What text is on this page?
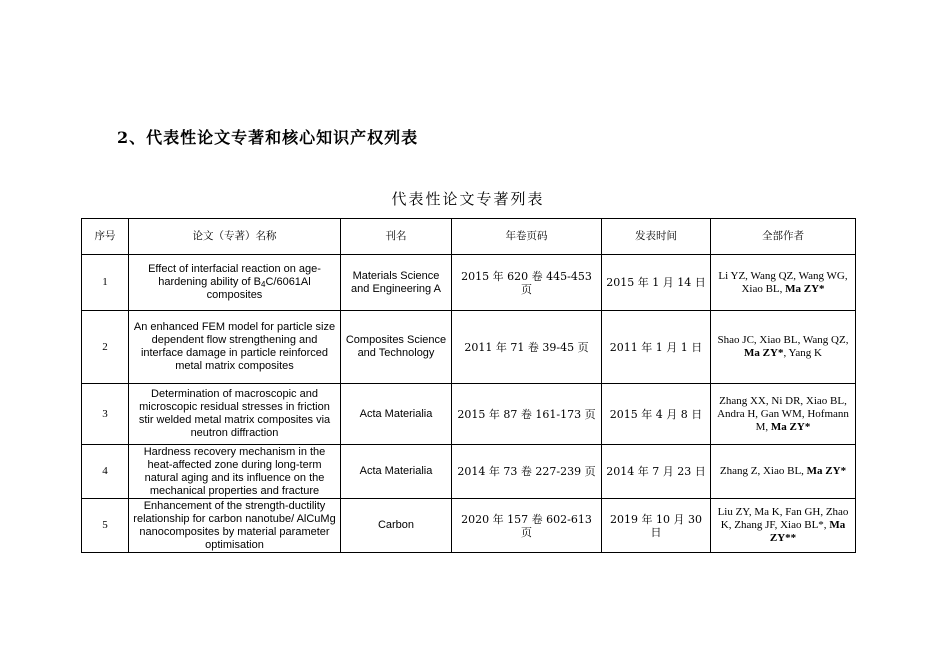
2、代表性论文专著和核心知识产权列表
代表性论文专著列表
序号	论文（专著）名称	刊名	年卷页码	发表时间	全部作者
1	Effect of interfacial reaction on age-hardening ability of $B_4C/6061Al$ composites	Materials Science and Engineering A	2015 年 620 卷 445-453 页	2015 年 1 月 14 日	Li YZ, Wang QZ, Wang WG, Xiao BL, Ma ZY*
2	An enhanced FEM model for particle size dependent flow strengthening and interface damage in particle reinforced metal matrix composites	Composites Science and Technology	2011 年 71 卷 39-45 页	2011 年 1 月 1 日	Shao JC, Xiao BL, Wang QZ, Ma ZY*, Yang K
3	Determination of macroscopic and microscopic residual stresses in friction stir welded metal matrix composites via neutron diffraction	Acta Materialia	2015 年 87 卷 161-173 页	2015 年 4 月 8 日	Zhang XX, Ni DR, Xiao BL, Andra H, Gan WM, Hofmann M, Ma ZY*
4	Hardness recovery mechanism in the heat-affected zone during long-term natural aging and its influence on the mechanical properties and fracture	Acta Materialia	2014 年 73 卷 227-239 页	2014 年 7 月 23 日	Zhang Z, Xiao BL, Ma ZY*
5	Enhancement of the strength-ductility relationship for carbon nanotube/ AlCuMg nanocomposites by material parameter optimisation	Carbon	2020 年 157 卷 602-613 页	2019 年 10 月 30 日	Liu ZY, Ma K, Fan GH, Zhao K, Zhang JF, Xiao BL*, Ma ZY**
